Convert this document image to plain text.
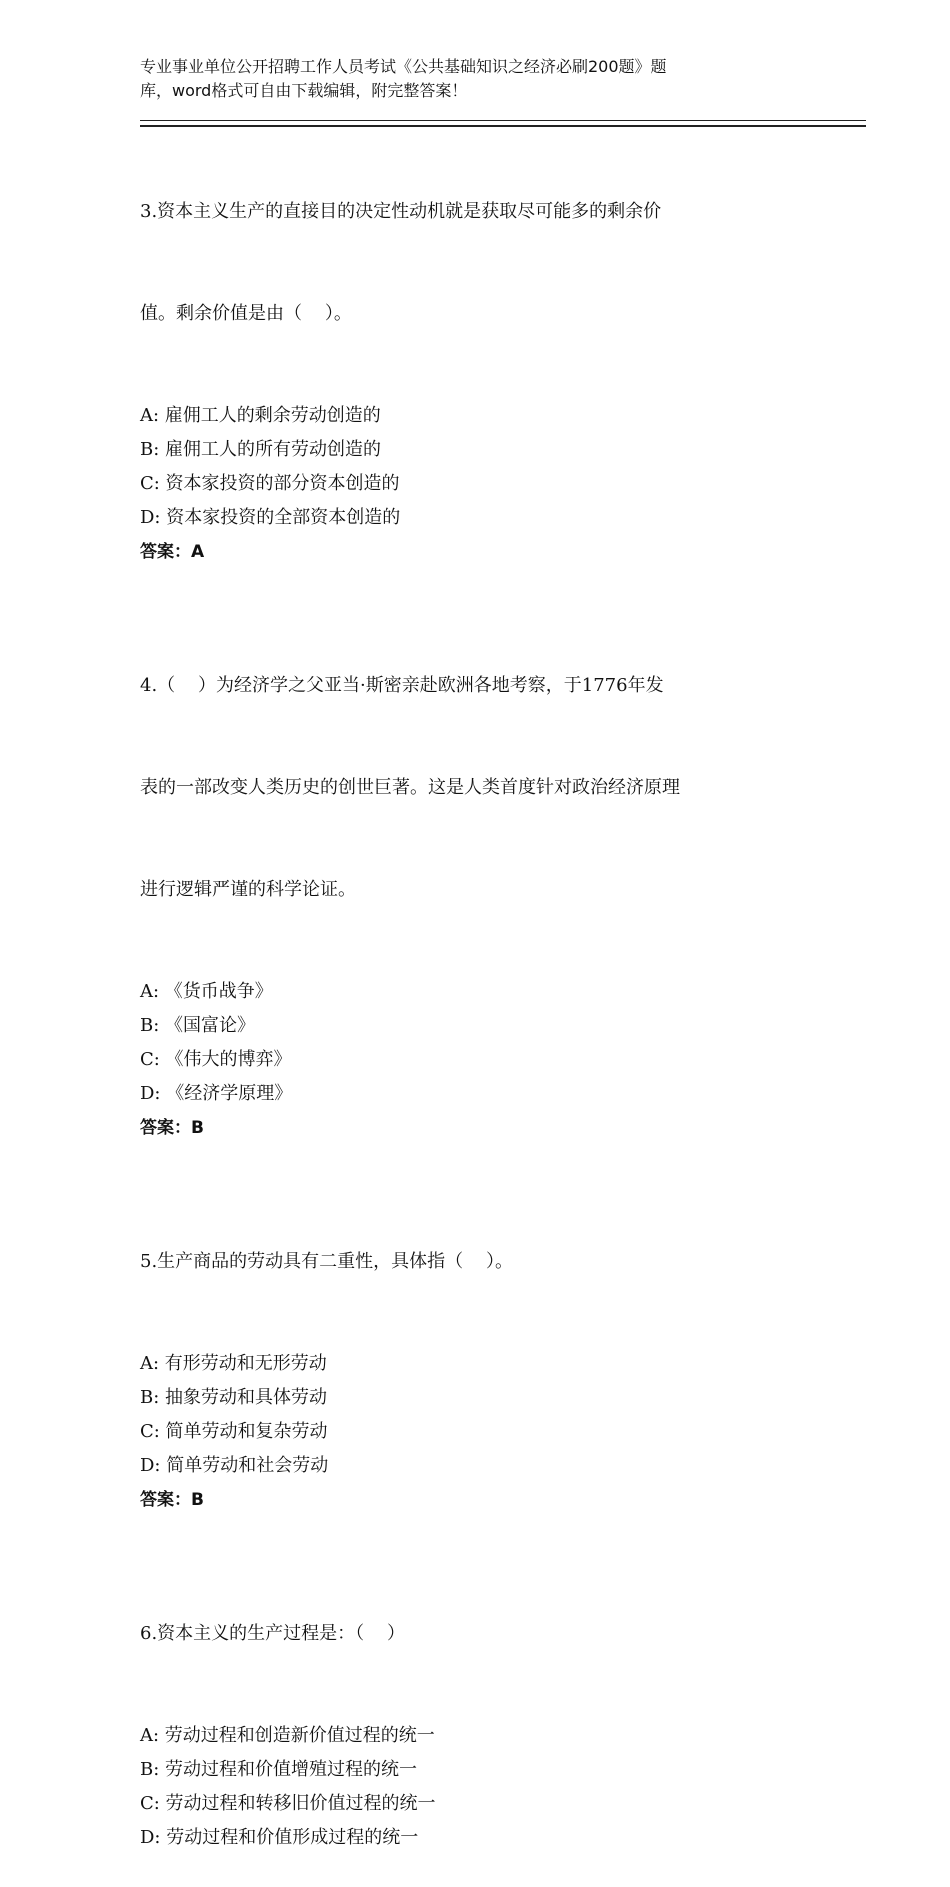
专业事业单位公开招聘工作人员考试《公共基础知识之经济必刷200题》题
库，word格式可自由下载编辑，附完整答案！

3.资本主义生产的直接目的决定性动机就是获取尽可能多的剩余价

值。剩余价值是由（    ）。

A: 雇佣工人的剩余劳动创造的
B: 雇佣工人的所有劳动创造的
C: 资本家投资的部分资本创造的
D: 资本家投资的全部资本创造的
答案：A

4.（    ）为经济学之父亚当·斯密亲赴欧洲各地考察，于1776年发

表的一部改变人类历史的创世巨著。这是人类首度针对政治经济原理

进行逻辑严谨的科学论证。

A: 《货币战争》
B: 《国富论》
C: 《伟大的博弈》
D: 《经济学原理》
答案：B

5.生产商品的劳动具有二重性，具体指（    ）。

A: 有形劳动和无形劳动
B: 抽象劳动和具体劳动
C: 简单劳动和复杂劳动
D: 简单劳动和社会劳动
答案：B

6.资本主义的生产过程是：（    ）

A: 劳动过程和创造新价值过程的统一
B: 劳动过程和价值增殖过程的统一
C: 劳动过程和转移旧价值过程的统一
D: 劳动过程和价值形成过程的统一
